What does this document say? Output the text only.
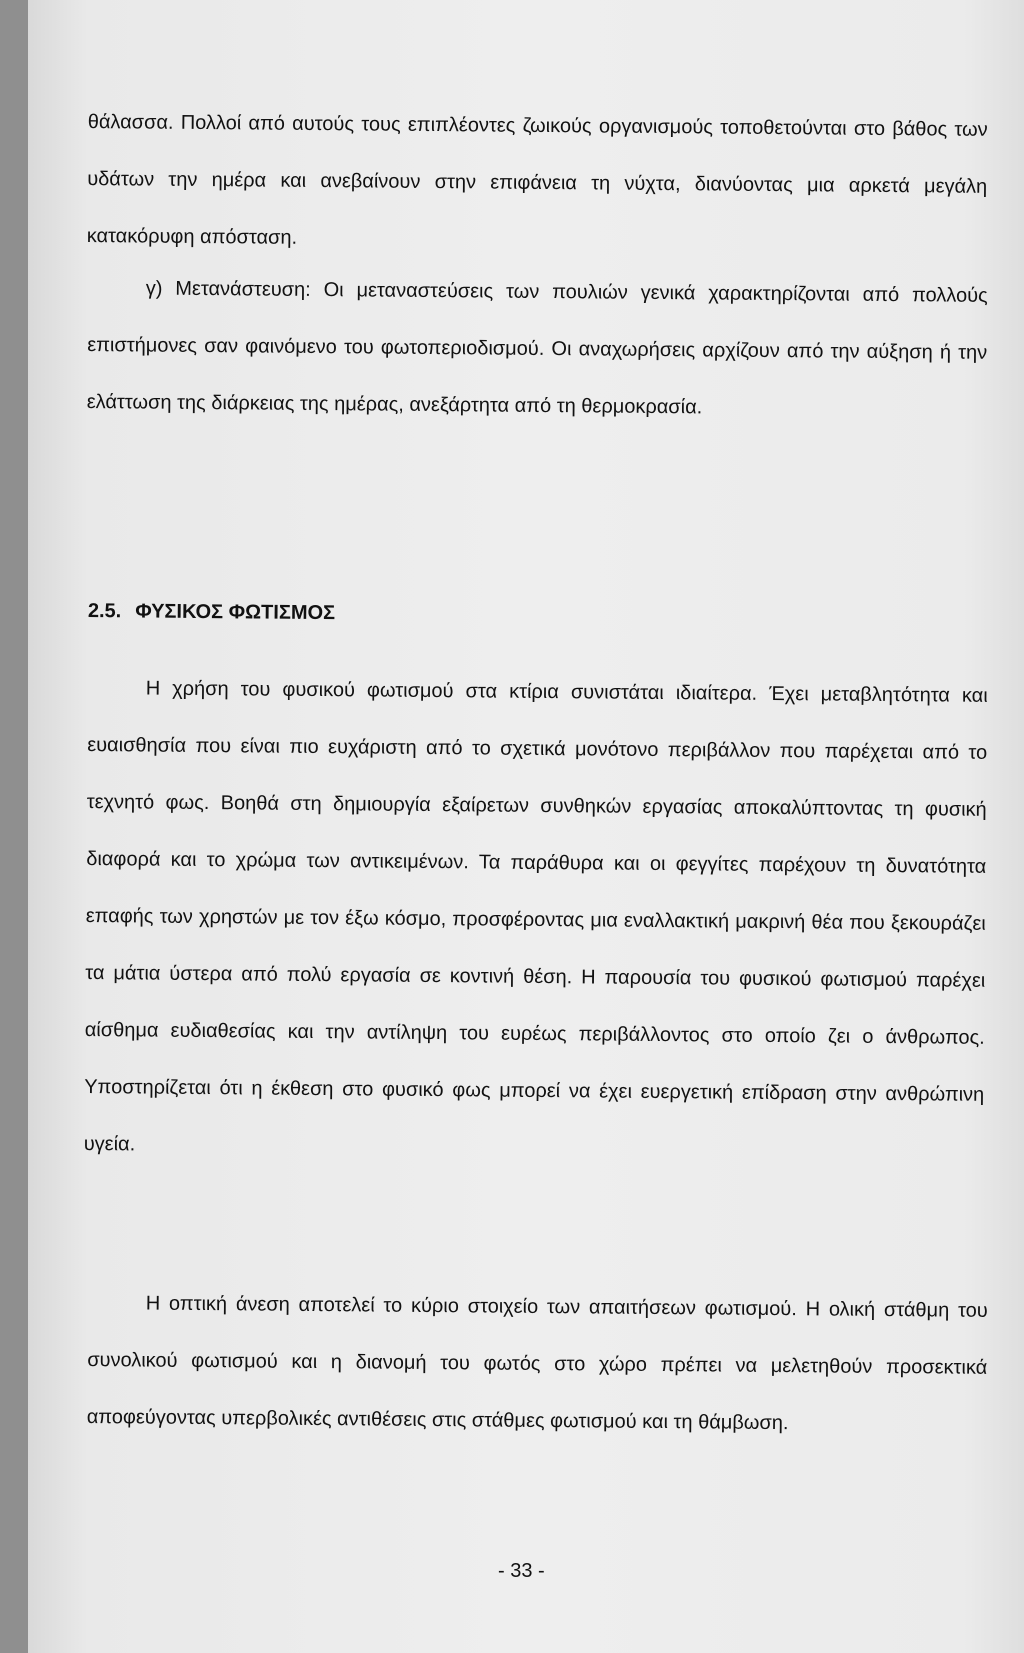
θάλασσα. Πολλοί από αυτούς τους επιπλέοντες ζωικούς οργανισμούς τοποθετούνται στο βάθος των υδάτων την ημέρα και ανεβαίνουν στην επιφάνεια τη νύχτα, διανύοντας μια αρκετά μεγάλη κατακόρυφη απόσταση.
γ) Μετανάστευση: Οι μεταναστεύσεις των πουλιών γενικά χαρακτηρίζονται από πολλούς επιστήμονες σαν φαινόμενο του φωτοπεριοδισμού. Οι αναχωρήσεις αρχίζουν από την αύξηση ή την ελάττωση της διάρκειας της ημέρας, ανεξάρτητα από τη θερμοκρασία.
2.5. ΦΥΣΙΚΟΣ ΦΩΤΙΣΜΟΣ
Η χρήση του φυσικού φωτισμού στα κτίρια συνιστάται ιδιαίτερα. Έχει μεταβλητότητα και ευαισθησία που είναι πιο ευχάριστη από το σχετικά μονότονο περιβάλλον που παρέχεται από το τεχνητό φως. Βοηθά στη δημιουργία εξαίρετων συνθηκών εργασίας αποκαλύπτοντας τη φυσική διαφορά και το χρώμα των αντικειμένων. Τα παράθυρα και οι φεγγίτες παρέχουν τη δυνατότητα επαφής των χρηστών με τον έξω κόσμο, προσφέροντας μια εναλλακτική μακρινή θέα που ξεκουράζει τα μάτια ύστερα από πολύ εργασία σε κοντινή θέση. Η παρουσία του φυσικού φωτισμού παρέχει αίσθημα ευδιαθεσίας και την αντίληψη του ευρέως περιβάλλοντος στο οποίο ζει ο άνθρωπος. Υποστηρίζεται ότι η έκθεση στο φυσικό φως μπορεί να έχει ευεργετική επίδραση στην ανθρώπινη υγεία.
Η οπτική άνεση αποτελεί το κύριο στοιχείο των απαιτήσεων φωτισμού. Η ολική στάθμη του συνολικού φωτισμού και η διανομή του φωτός στο χώρο πρέπει να μελετηθούν προσεκτικά αποφεύγοντας υπερβολικές αντιθέσεις στις στάθμες φωτισμού και τη θάμβωση.
- 33 -
